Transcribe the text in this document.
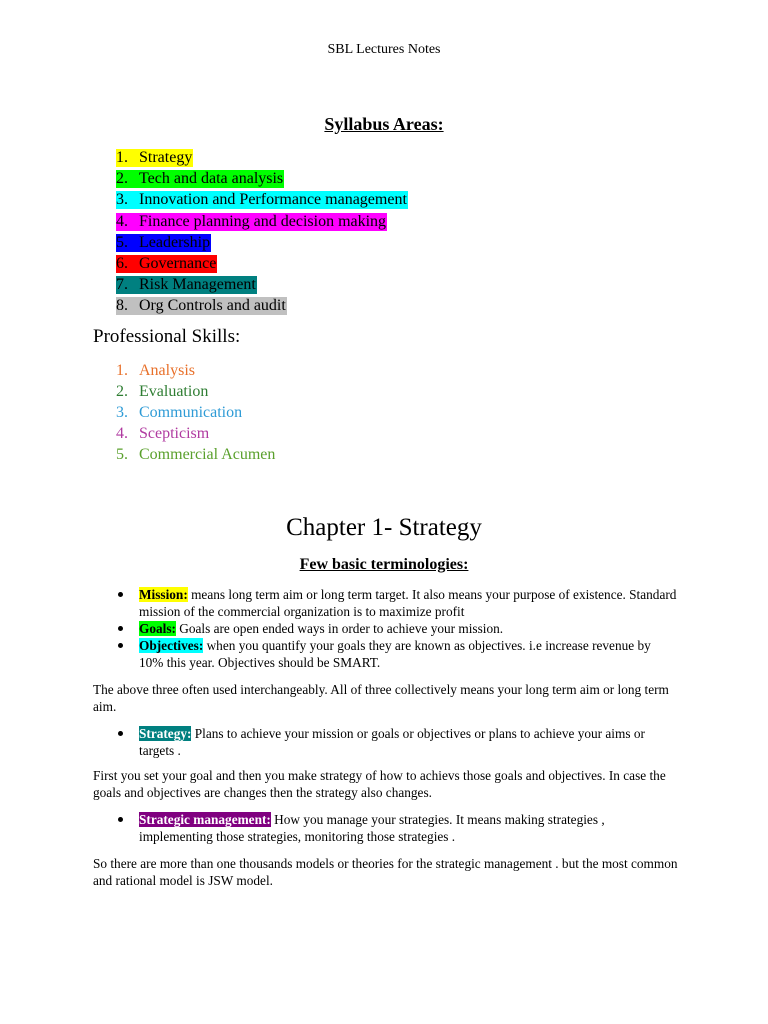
SBL Lectures Notes
Syllabus Areas:
1. Strategy
2. Tech and data analysis
3. Innovation and Performance management
4. Finance planning and decision making
5. Leadership
6. Governance
7. Risk Management
8. Org Controls and audit
Professional Skills:
1. Analysis
2. Evaluation
3. Communication
4. Scepticism
5. Commercial Acumen
Chapter 1- Strategy
Few basic terminologies:
Mission: means long term aim or long term target. It also means your purpose of existence. Standard mission of the commercial organization is to maximize profit
Goals: Goals are open ended ways in order to achieve your mission.
Objectives: when you quantify your goals they are known as objectives. i.e increase revenue by 10% this year. Objectives should be SMART.

The above three often used interchangeably. All of three collectively means your long term aim or long term aim.

Strategy: Plans to achieve your mission or goals or objectives or plans to achieve your aims or targets .

First you set your goal and then you make strategy of how to achievs those goals and objectives. In case the goals and objectives are changes then the strategy also changes.

Strategic management: How you manage your strategies. It means making strategies , implementing those strategies, monitoring those strategies .

So there are more than one thousands models or theories for the strategic management . but the most common and rational model is JSW model.
